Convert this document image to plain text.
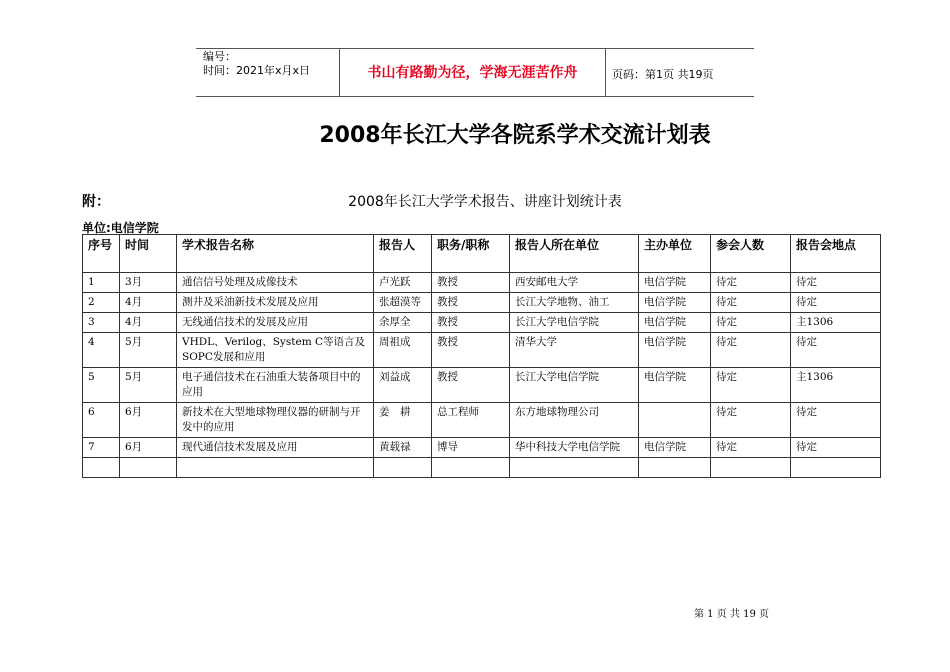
编号：
时间：2021年x月x日	书山有路勤为径，学海无涯苦作舟	页码：第1页 共19页
2008年长江大学各院系学术交流计划表
附：	2008年长江大学学术报告、讲座计划统计表
单位:电信学院
序号	时间	学术报告名称	报告人	职务/职称	报告人所在单位	主办单位	参会人数	报告会地点
1	3月	通信信号处理及成像技术	卢光跃	教授	西安邮电大学	电信学院	待定	待定
2	4月	测井及采油新技术发展及应用	张超漠等	教授	长江大学地物、油工	电信学院	待定	待定
3	4月	无线通信技术的发展及应用	余厚全	教授	长江大学电信学院	电信学院	待定	主1306
4	5月	VHDL、Verilog、System C等语言及SOPC发展和应用	周祖成	教授	清华大学	电信学院	待定	待定
5	5月	电子通信技术在石油重大装备项目中的应用	刘益成	教授	长江大学电信学院	电信学院	待定	主1306
6	6月	新技术在大型地球物理仪器的研制与开发中的应用	姜　耕	总工程师	东方地球物理公司		待定	待定
7	6月	现代通信技术发展及应用	黄载禄	博导	华中科技大学电信学院	电信学院	待定	待定

第 1 页 共 19 页
